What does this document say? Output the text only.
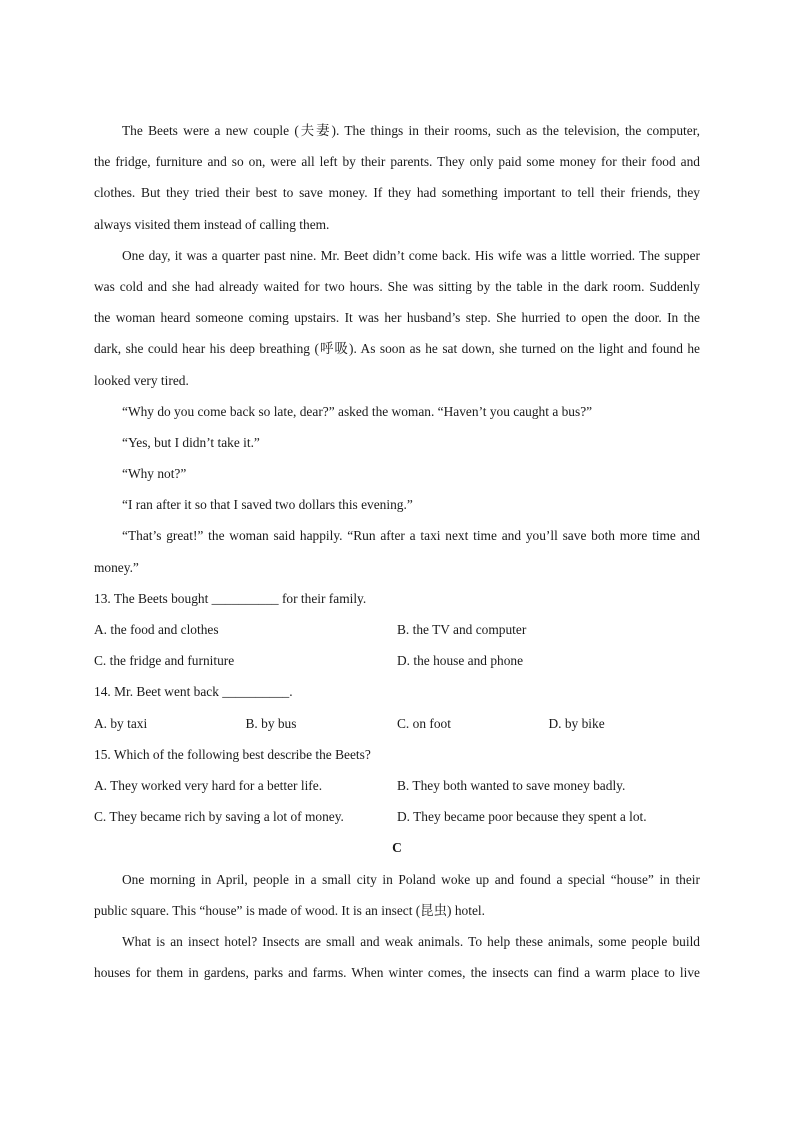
The Beets were a new couple (夫妻). The things in their rooms, such as the television, the computer,
the fridge, furniture and so on, were all left by their parents. They only paid some money for their food and
clothes. But they tried their best to save money. If they had something important to tell their friends, they
always visited them instead of calling them.
One day, it was a quarter past nine. Mr. Beet didn’t come back. His wife was a little worried. The supper
was cold and she had already waited for two hours. She was sitting by the table in the dark room. Suddenly
the woman heard someone coming upstairs. It was her husband’s step. She hurried to open the door. In the
dark, she could hear his deep breathing (呼吸). As soon as he sat down, she turned on the light and found he
looked very tired.
“Why do you come back so late, dear?” asked the woman. “Haven’t you caught a bus?”
“Yes, but I didn’t take it.”
“Why not?”
“I ran after it so that I saved two dollars this evening.”
“That’s great!” the woman said happily. “Run after a taxi next time and you’ll save both more time and
money.”
13. The Beets bought __________ for their family.
A. the food and clothes	B. the TV and computer
C. the fridge and furniture	D. the house and phone
14. Mr. Beet went back __________.
A. by taxi	B. by bus	C. on foot	D. by bike
15. Which of the following best describe the Beets?
A. They worked very hard for a better life.	B. They both wanted to save money badly.
C. They became rich by saving a lot of money.	D. They became poor because they spent a lot.
C
One morning in April, people in a small city in Poland woke up and found a special “house” in their
public square. This “house” is made of wood. It is an insect (昆虫) hotel.
What is an insect hotel? Insects are small and weak animals. To help these animals, some people build
houses for them in gardens, parks and farms. When winter comes, the insects can find a warm place to live
